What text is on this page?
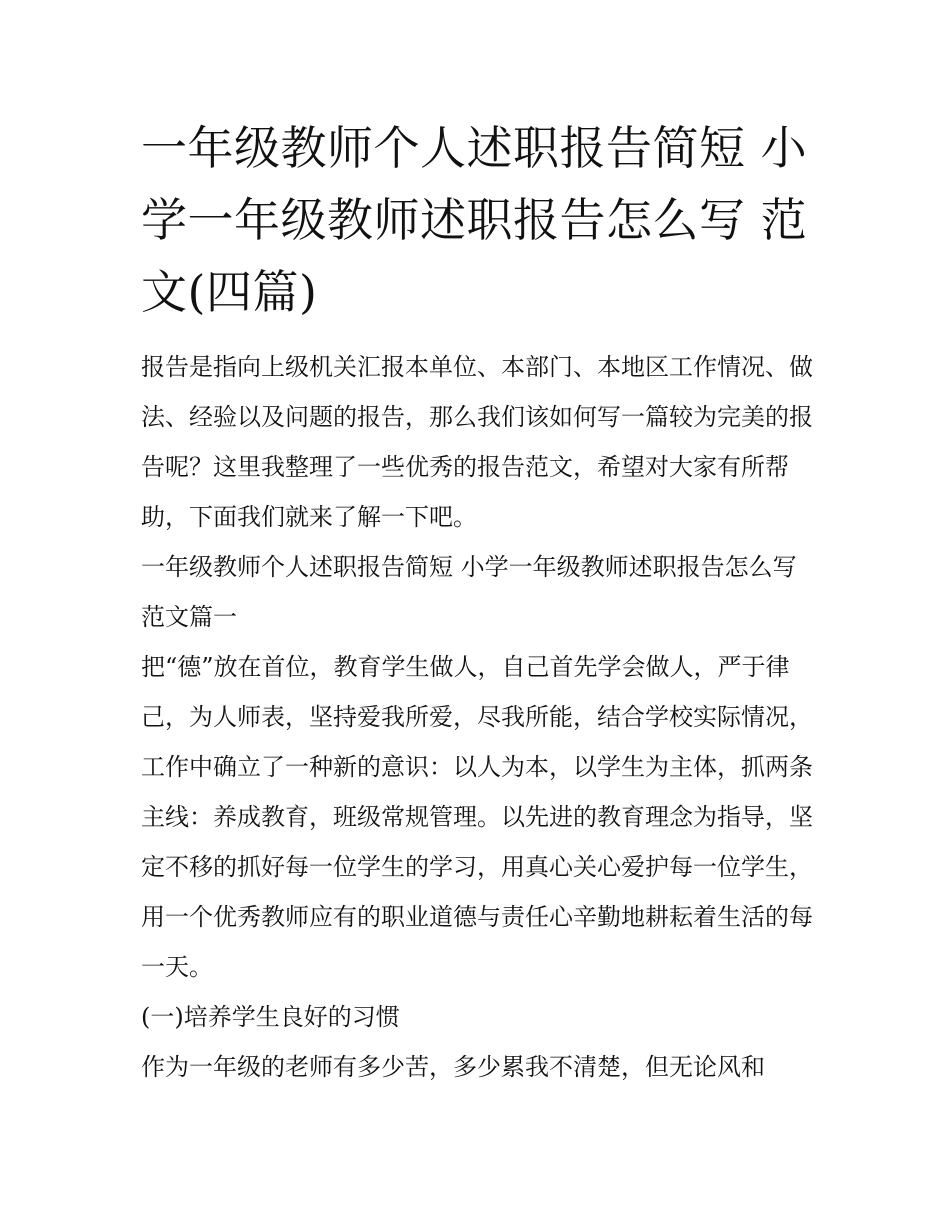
一年级教师个人述职报告简短 小学一年级教师述职报告怎么写 范文(四篇)

报告是指向上级机关汇报本单位、本部门、本地区工作情况、做法、经验以及问题的报告，那么我们该如何写一篇较为完美的报告呢？这里我整理了一些优秀的报告范文，希望对大家有所帮助，下面我们就来了解一下吧。

一年级教师个人述职报告简短 小学一年级教师述职报告怎么写 范文篇一

把“德”放在首位，教育学生做人，自己首先学会做人，严于律己，为人师表，坚持爱我所爱，尽我所能，结合学校实际情况，工作中确立了一种新的意识：以人为本，以学生为主体，抓两条主线：养成教育，班级常规管理。以先进的教育理念为指导，坚定不移的抓好每一位学生的学习，用真心关心爱护每一位学生，用一个优秀教师应有的职业道德与责任心辛勤地耕耘着生活的每一天。

(一)培养学生良好的习惯

作为一年级的老师有多少苦，多少累我不清楚，但无论风和
